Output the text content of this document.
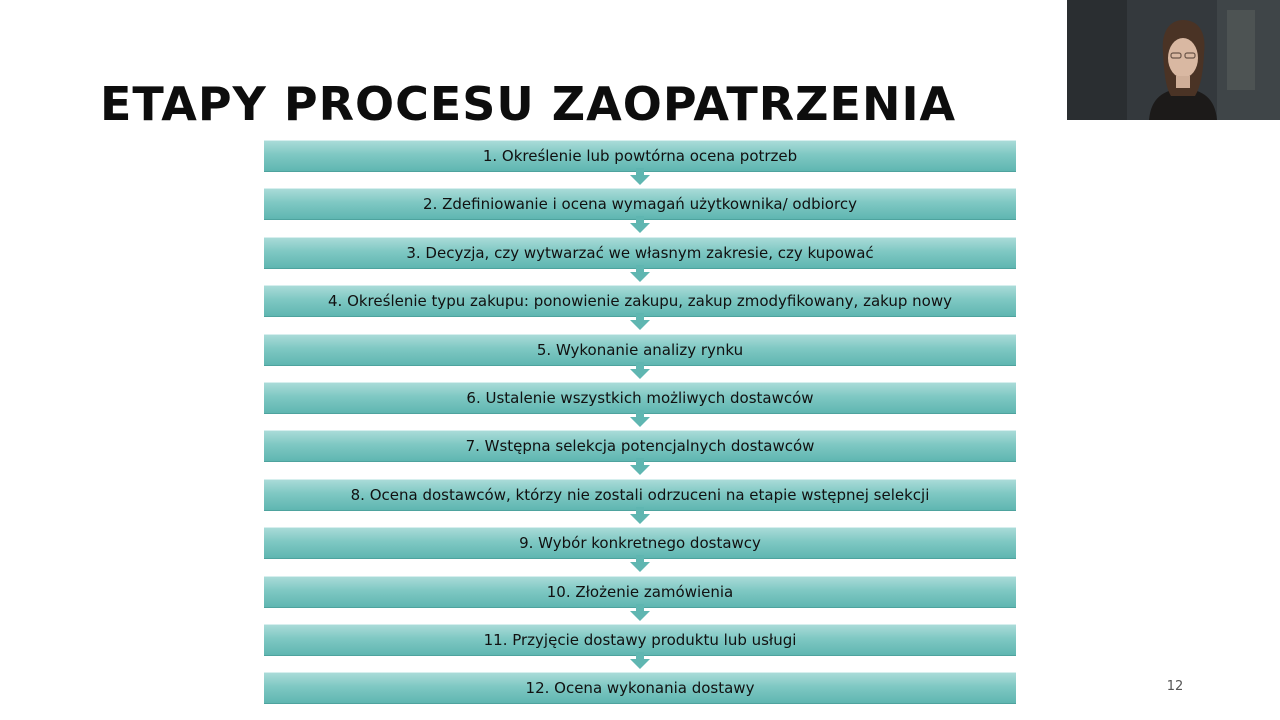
ETAPY PROCESU ZAOPATRZENIA
1. Określenie lub powtórna ocena potrzeb
2. Zdefiniowanie i ocena wymagań użytkownika/ odbiorcy
3. Decyzja, czy wytwarzać we własnym zakresie, czy kupować
4. Określenie typu zakupu: ponowienie zakupu, zakup zmodyfikowany, zakup nowy
5. Wykonanie analizy rynku
6. Ustalenie wszystkich możliwych dostawców
7. Wstępna selekcja potencjalnych dostawców
8. Ocena dostawców, którzy nie zostali odrzuceni na etapie wstępnej selekcji
9. Wybór konkretnego dostawcy
10. Złożenie zamówienia
11. Przyjęcie dostawy produktu lub usługi
12. Ocena wykonania dostawy	12
